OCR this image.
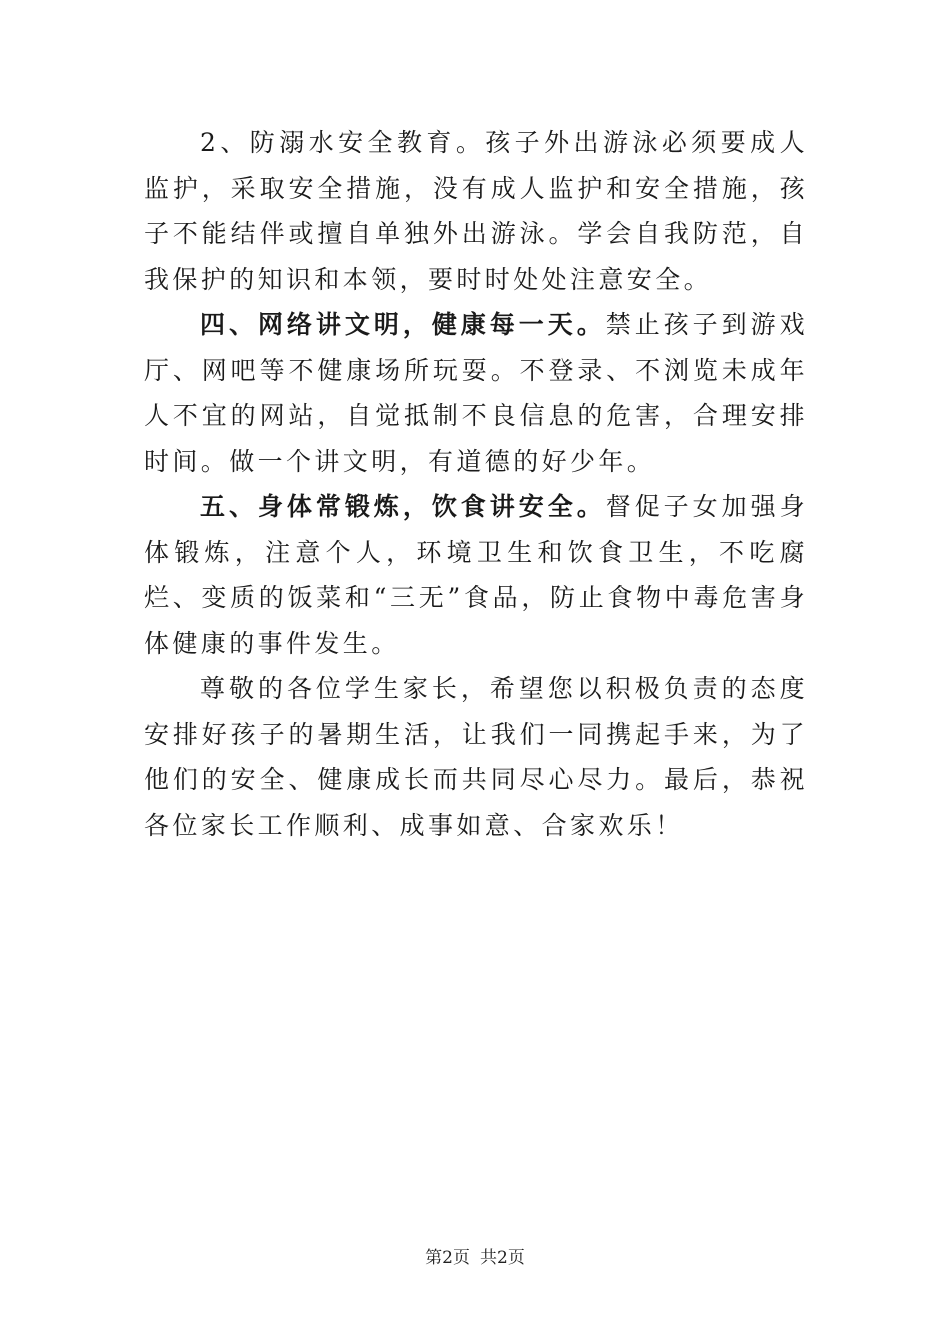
2、防溺水安全教育。孩子外出游泳必须要成人监护，采取安全措施，没有成人监护和安全措施，孩子不能结伴或擅自单独外出游泳。学会自我防范，自我保护的知识和本领，要时时处处注意安全。

四、网络讲文明，健康每一天。禁止孩子到游戏厅、网吧等不健康场所玩耍。不登录、不浏览未成年人不宜的网站，自觉抵制不良信息的危害，合理安排时间。做一个讲文明，有道德的好少年。

五、身体常锻炼，饮食讲安全。督促子女加强身体锻炼，注意个人，环境卫生和饮食卫生，不吃腐烂、变质的饭菜和“三无”食品，防止食物中毒危害身体健康的事件发生。

尊敬的各位学生家长，希望您以积极负责的态度安排好孩子的暑期生活，让我们一同携起手来，为了他们的安全、健康成长而共同尽心尽力。最后，恭祝各位家长工作顺利、成事如意、合家欢乐！

第2页 共2页
